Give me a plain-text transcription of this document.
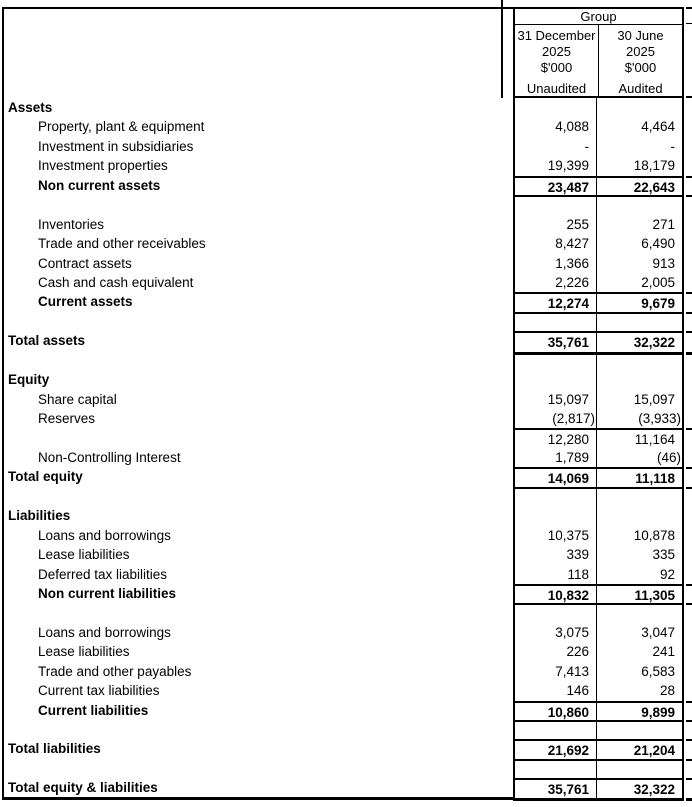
Group
31 December
2025
$'000
Unaudited
30 June
2025
$'000
Audited
Assets
Property, plant & equipment	4,088	4,464
Investment in subsidiaries	-	-
Investment properties	19,399	18,179
Non current assets	23,487	22,643
Inventories	255	271
Trade and other receivables	8,427	6,490
Contract assets	1,366	913
Cash and cash equivalent	2,226	2,005
Current assets	12,274	9,679
Total assets	35,761	32,322
Equity
Share capital	15,097	15,097
Reserves	(2,817)	(3,933)
12,280	11,164
Non-Controlling Interest	1,789	(46)
Total equity	14,069	11,118
Liabilities
Loans and borrowings	10,375	10,878
Lease liabilities	339	335
Deferred tax liabilities	118	92
Non current liabilities	10,832	11,305
Loans and borrowings	3,075	3,047
Lease liabilities	226	241
Trade and other payables	7,413	6,583
Current tax liabilities	146	28
Current liabilities	10,860	9,899
Total liabilities	21,692	21,204
Total equity & liabilities	35,761	32,322
